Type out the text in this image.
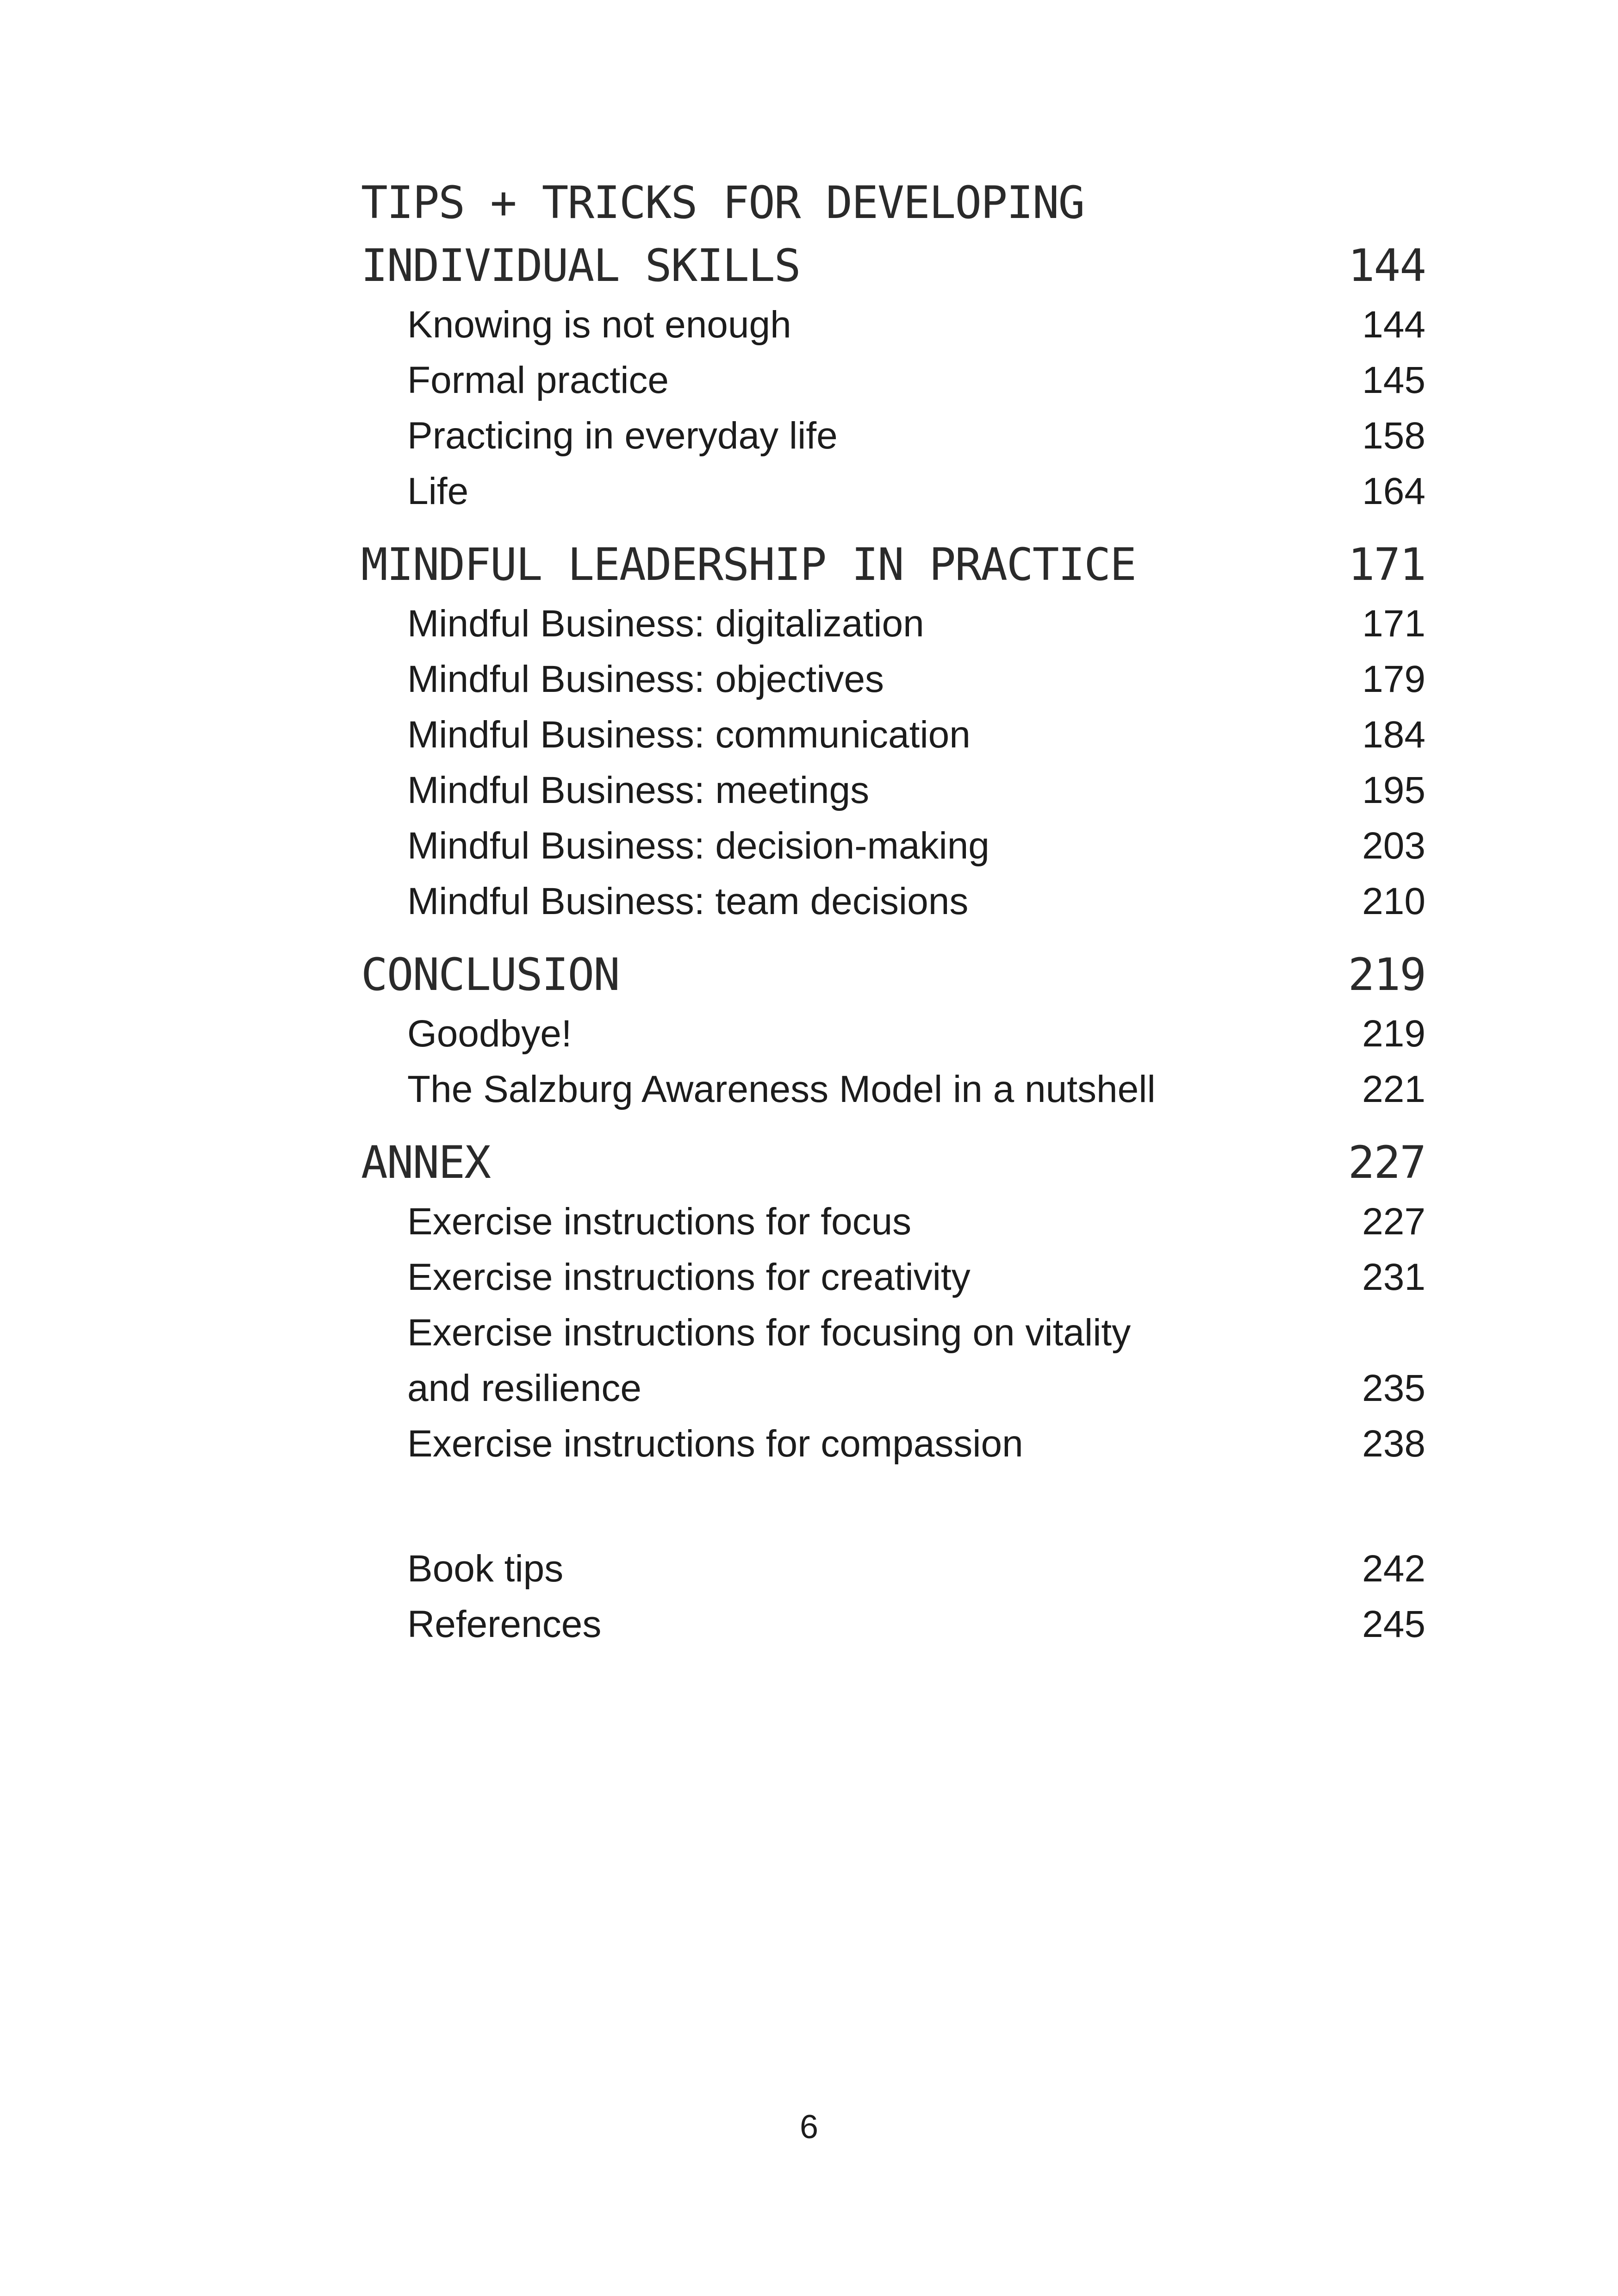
TIPS + TRICKS FOR DEVELOPING
INDIVIDUAL SKILLS	144
Knowing is not enough	144
Formal practice	145
Practicing in everyday life	158
Life	164
MINDFUL LEADERSHIP IN PRACTICE	171
Mindful Business: digitalization	171
Mindful Business: objectives	179
Mindful Business: communication	184
Mindful Business: meetings	195
Mindful Business: decision-making	203
Mindful Business: team decisions	210
CONCLUSION	219
Goodbye!	219
The Salzburg Awareness Model in a nutshell	221
ANNEX	227
Exercise instructions for focus	227
Exercise instructions for creativity	231
Exercise instructions for focusing on vitality
and resilience	235
Exercise instructions for compassion	238
Book tips	242
References	245
6
